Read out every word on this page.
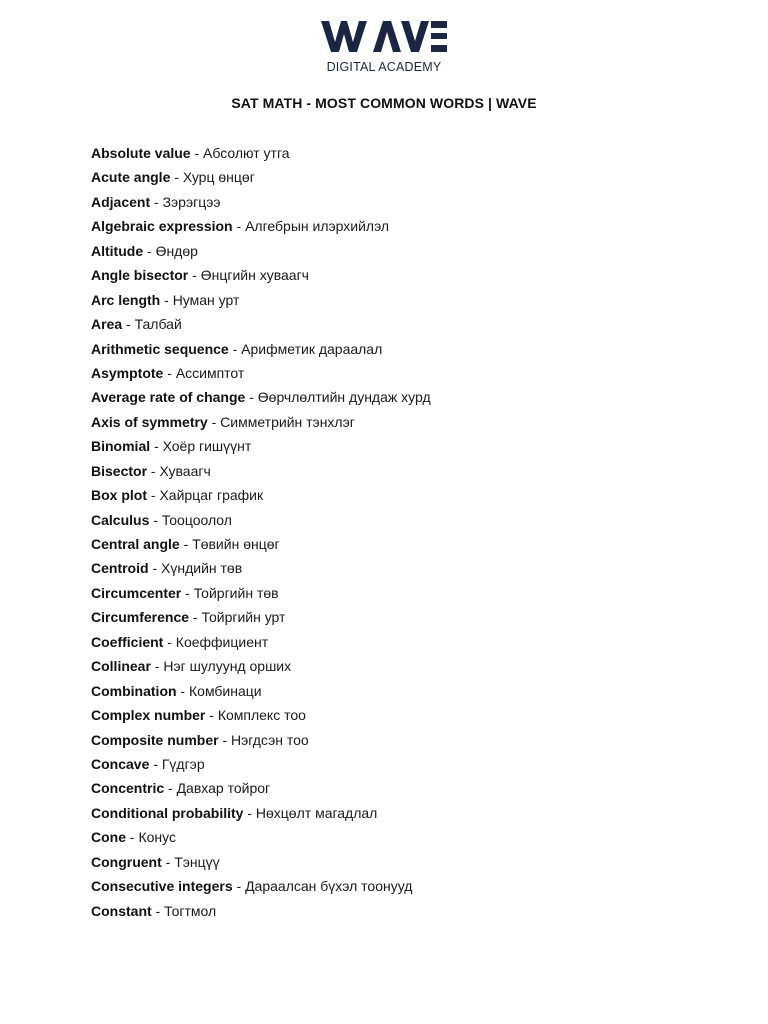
DIGITAL ACADEMY
SAT MATH - MOST COMMON WORDS | WAVE
Absolute value - Абсолют утга
Acute angle - Хурц өнцөг
Adjacent - Зэрэгцээ
Algebraic expression - Алгебрын илэрхийлэл
Altitude - Өндөр
Angle bisector - Өнцгийн хуваагч
Arc length - Нуман урт
Area - Талбай
Arithmetic sequence - Арифметик дараалал
Asymptote - Ассимптот
Average rate of change - Өөрчлөлтийн дундаж хурд
Axis of symmetry - Симметрийн тэнхлэг
Binomial - Хоёр гишүүнт
Bisector - Хуваагч
Box plot - Хайрцаг график
Calculus - Тооцоолол
Central angle - Төвийн өнцөг
Centroid - Хүндийн төв
Circumcenter - Тойргийн төв
Circumference - Тойргийн урт
Coefficient - Коеффициент
Collinear - Нэг шулуунд орших
Combination - Комбинаци
Complex number - Комплекс тоо
Composite number - Нэгдсэн тоо
Concave - Гүдгэр
Concentric - Давхар тойрог
Conditional probability - Нөхцөлт магадлал
Cone - Конус
Congruent - Тэнцүү
Consecutive integers - Дараалсан бүхэл тоонууд
Constant - Тогтмол
